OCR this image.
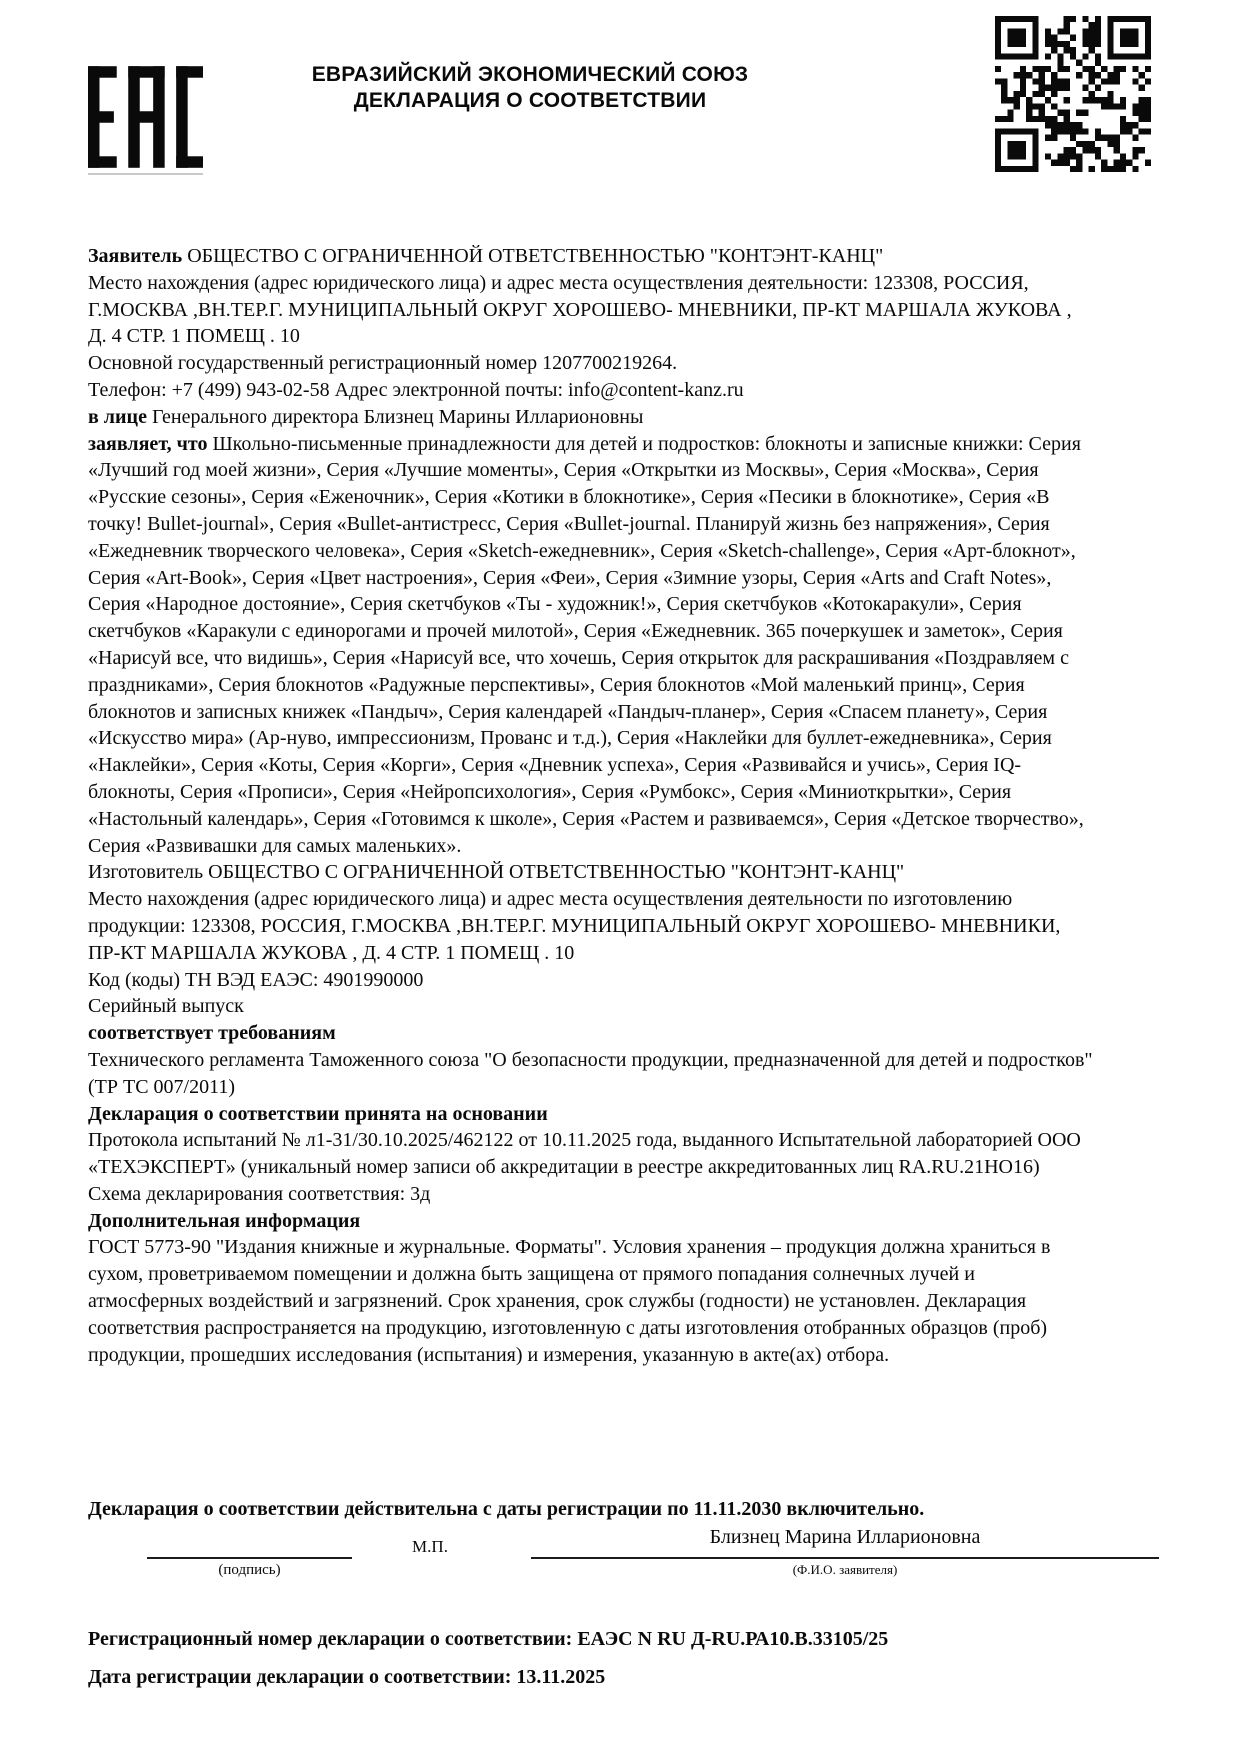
ЕВРАЗИЙСКИЙ ЭКОНОМИЧЕСКИЙ СОЮЗ
ДЕКЛАРАЦИЯ О СООТВЕТСТВИИ

Заявитель ОБЩЕСТВО С ОГРАНИЧЕННОЙ ОТВЕТСТВЕННОСТЬЮ "КОНТЭНТ-КАНЦ"

Место нахождения (адрес юридического лица) и адрес места осуществления деятельности: 123308, РОССИЯ, Г.МОСКВА ,ВН.ТЕР.Г. МУНИЦИПАЛЬНЫЙ ОКРУГ ХОРОШЕВО- МНЕВНИКИ, ПР-КТ МАРШАЛА ЖУКОВА , Д. 4 СТР. 1 ПОМЕЩ . 10

Основной государственный регистрационный номер 1207700219264.

Телефон: +7 (499) 943-02-58 Адрес электронной почты: info@content-kanz.ru

в лице Генерального директора Близнец Марины Илларионовны

заявляет, что Школьно-письменные принадлежности для детей и подростков: блокноты и записные книжки: Серия «Лучший год моей жизни», Серия «Лучшие моменты», Серия «Открытки из Москвы», Серия «Москва», Серия «Русские сезоны», Серия «Еженочник», Серия «Котики в блокнотике», Серия «Песики в блокнотике», Серия «В точку! Bullet-journal», Серия «Bullet-антистресс, Серия «Bullet-journal. Планируй жизнь без напряжения», Серия «Ежедневник творческого человека», Серия «Sketch-ежедневник», Серия «Sketch-challenge», Серия «Арт-блокнот», Серия «Art-Book», Серия «Цвет настроения», Серия «Феи», Серия «Зимние узоры, Серия «Arts and Craft Notes», Серия «Народное достояние», Серия скетчбуков «Ты - художник!», Серия скетчбуков «Котокаракули», Серия скетчбуков «Каракули с единорогами и прочей милотой», Серия «Ежедневник. 365 почеркушек и заметок», Серия «Нарисуй все, что видишь», Серия «Нарисуй все, что хочешь, Серия открыток для раскрашивания «Поздравляем с праздниками», Серия блокнотов «Радужные перспективы», Серия блокнотов «Мой маленький принц», Серия блокнотов и записных книжек «Пандыч», Серия календарей «Пандыч-планер», Серия «Спасем планету», Серия «Искусство мира» (Ар-нуво, импрессионизм, Прованс и т.д.), Серия «Наклейки для буллет-ежедневника», Серия «Наклейки», Серия «Коты, Серия «Корги», Серия «Дневник успеха», Серия «Развивайся и учись», Серия IQ-блокноты, Серия «Прописи», Серия «Нейропсихология», Серия «Румбокс», Серия «Миниоткрытки», Серия «Настольный календарь», Серия «Готовимся к школе», Серия «Растем и развиваемся», Серия «Детское творчество», Серия «Развивашки для самых маленьких».

Изготовитель ОБЩЕСТВО С ОГРАНИЧЕННОЙ ОТВЕТСТВЕННОСТЬЮ "КОНТЭНТ-КАНЦ"

Место нахождения (адрес юридического лица) и адрес места осуществления деятельности по изготовлению продукции: 123308, РОССИЯ, Г.МОСКВА ,ВН.ТЕР.Г. МУНИЦИПАЛЬНЫЙ ОКРУГ ХОРОШЕВО- МНЕВНИКИ, ПР-КТ МАРШАЛА ЖУКОВА , Д. 4 СТР. 1 ПОМЕЩ . 10

Код (коды) ТН ВЭД ЕАЭС: 4901990000

Серийный выпуск

соответствует требованиям

Технического регламента Таможенного союза "О безопасности продукции, предназначенной для детей и подростков" (ТР ТС 007/2011)

Декларация о соответствии принята на основании

Протокола испытаний № л1-31/30.10.2025/462122 от 10.11.2025 года, выданного Испытательной лабораторией ООО «ТЕХЭКСПЕРТ» (уникальный номер записи об аккредитации в реестре аккредитованных лиц RA.RU.21НО16)

Схема декларирования соответствия: 3д

Дополнительная информация

ГОСТ 5773-90 "Издания книжные и журнальные. Форматы". Условия хранения – продукция должна храниться в сухом, проветриваемом помещении и должна быть защищена от прямого попадания солнечных лучей и атмосферных воздействий и загрязнений. Срок хранения, срок службы (годности) не установлен. Декларация соответствия распространяется на продукцию, изготовленную с даты изготовления отобранных образцов (проб) продукции, прошедших исследования (испытания) и измерения, указанную в акте(ах) отбора.

Декларация о соответствии действительна с даты регистрации по 11.11.2030 включительно.

Близнец Марина Илларионовна
М.П.
(подпись)	(Ф.И.О. заявителя)

Регистрационный номер декларации о соответствии: ЕАЭС N RU Д-RU.РА10.В.33105/25

Дата регистрации декларации о соответствии: 13.11.2025
